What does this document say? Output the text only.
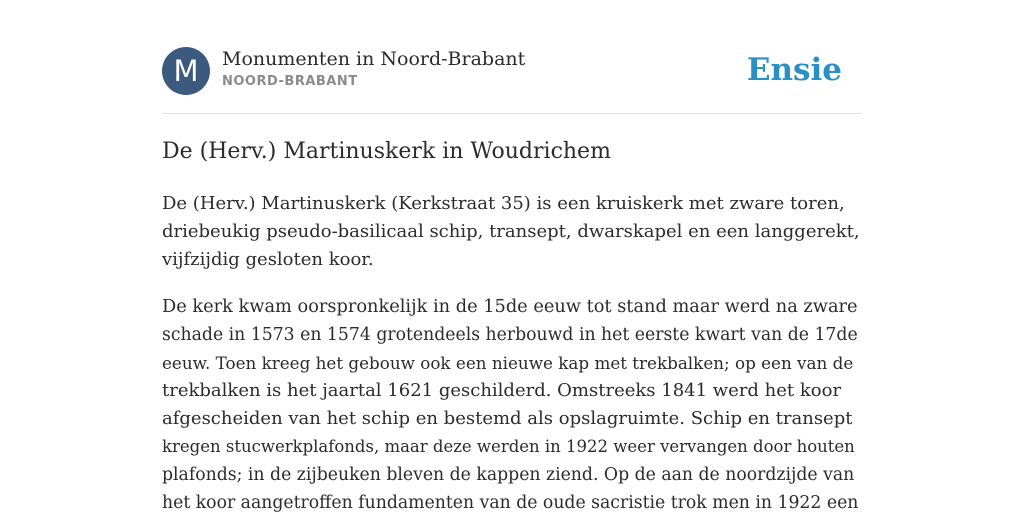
M	Monumenten in Noord-Brabant
NOORD-BRABANT	Ensie
De (Herv.) Martinuskerk in Woudrichem
De (Herv.) Martinuskerk (Kerkstraat 35) is een kruiskerk met zware toren,
driebeukig pseudo-basilicaal schip, transept, dwarskapel en een langgerekt,
vijfzijdig gesloten koor.
De kerk kwam oorspronkelijk in de 15de eeuw tot stand maar werd na zware
schade in 1573 en 1574 grotendeels herbouwd in het eerste kwart van de 17de
eeuw. Toen kreeg het gebouw ook een nieuwe kap met trekbalken; op een van de
trekbalken is het jaartal 1621 geschilderd. Omstreeks 1841 werd het koor
afgescheiden van het schip en bestemd als opslagruimte. Schip en transept
kregen stucwerkplafonds, maar deze werden in 1922 weer vervangen door houten
plafonds; in de zijbeuken bleven de kappen ziend. Op de aan de noordzijde van
het koor aangetroffen fundamenten van de oude sacristie trok men in 1922 een
